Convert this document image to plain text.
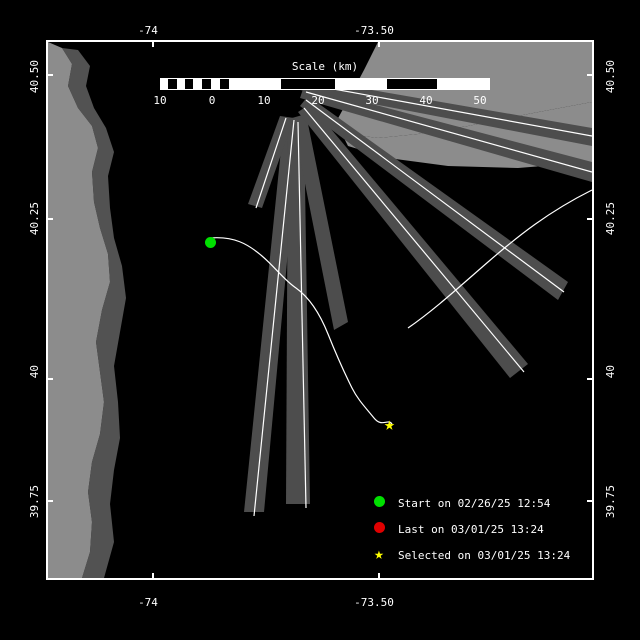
-74	-73.50
-74	-73.50
40.50
40.25
40
39.75
40.50
40.25
40
39.75
★
Scale (km)
10	0	10	20	30	40	50
Start on 02/26/25 12:54
Last on 03/01/25 13:24
★	Selected on 03/01/25 13:24
